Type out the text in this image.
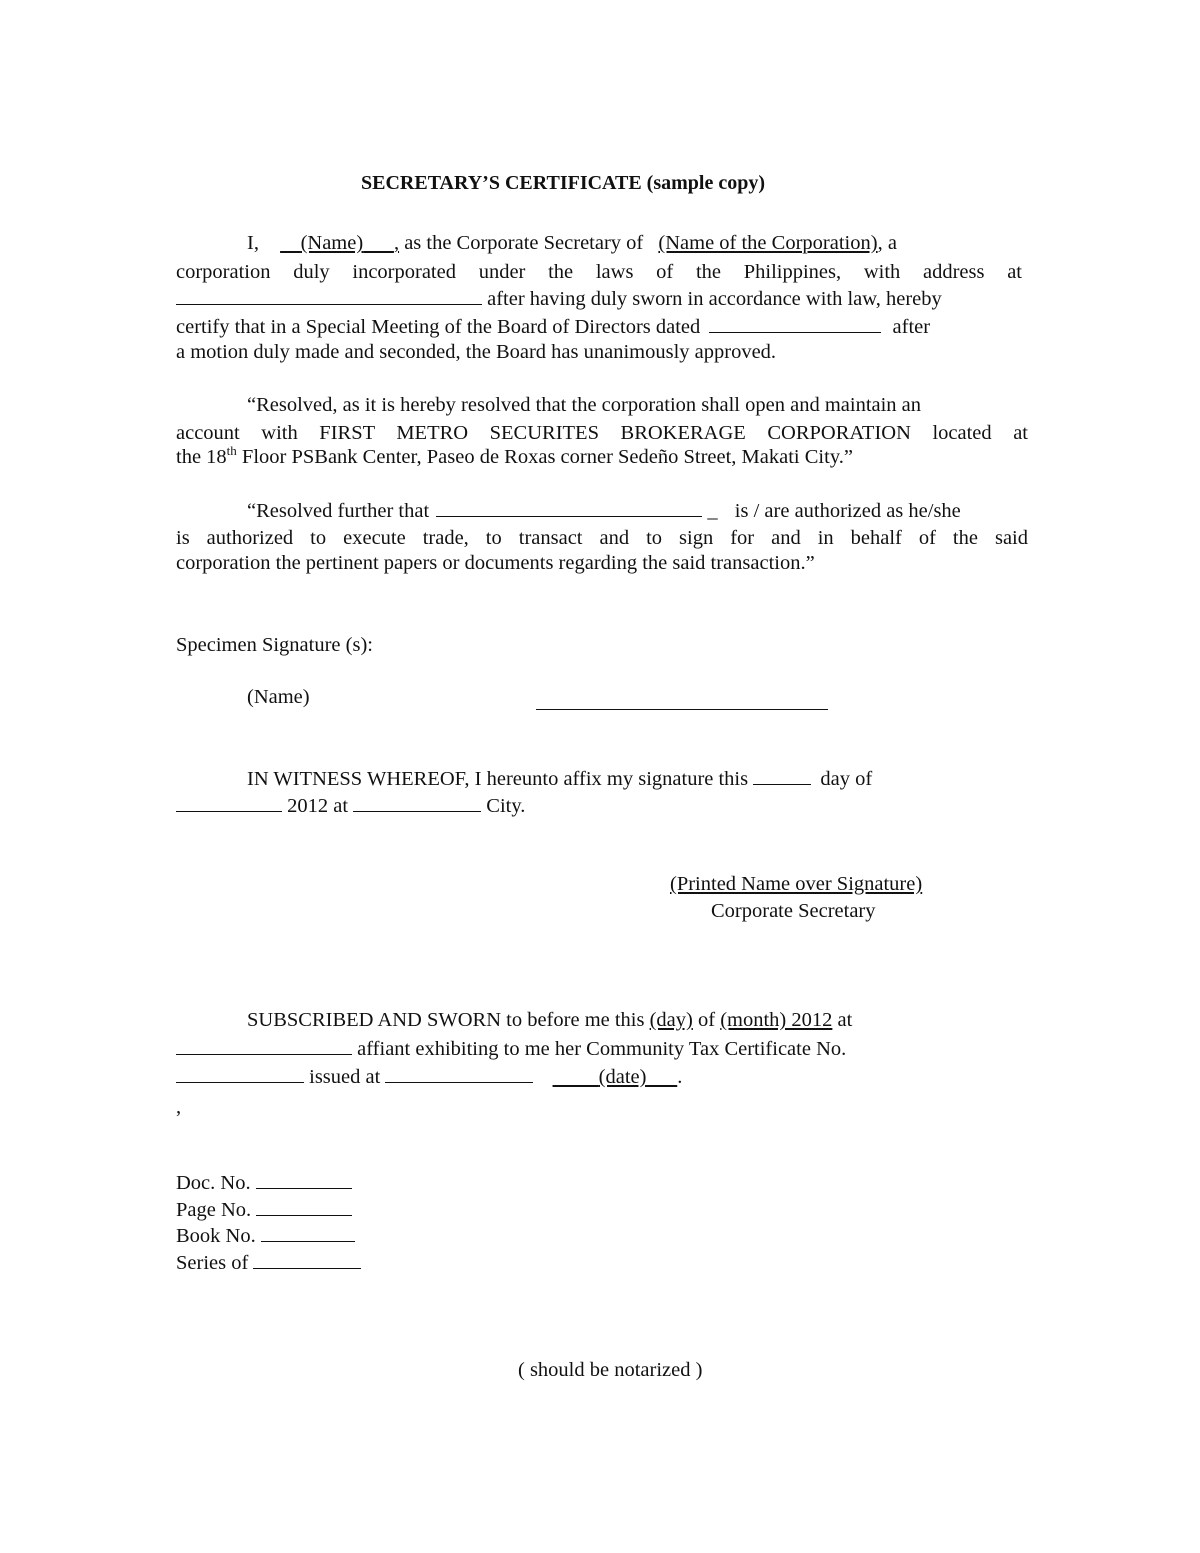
SECRETARY’S CERTIFICATE (sample copy)
I, (Name) , as the Corporate Secretary of (Name of the Corporation), a
corporation duly incorporated under the laws of the Philippines, with address at
after having duly sworn in accordance with law, hereby
certify that in a Special Meeting of the Board of Directors dated	after
a motion duly made and seconded, the Board has unanimously approved.
“Resolved, as it is hereby resolved that the corporation shall open and maintain an
account with FIRST METRO SECURITES BROKERAGE CORPORATION located at
the 18th Floor PSBank Center, Paseo de Roxas corner Sedeño Street, Makati City.”
“Resolved further that	_ is / are authorized as he/she
is authorized to execute trade, to transact and to sign for and in behalf of the said
corporation the pertinent papers or documents regarding the said transaction.”
Specimen Signature (s):
(Name)
IN WITNESS WHEREOF, I hereunto affix my signature this	day of
2012 at	City.
(Printed Name over Signature)
Corporate Secretary
SUBSCRIBED AND SWORN to before me this (day) of (month) 2012 at
affiant exhibiting to me her Community Tax Certificate No.
issued at	(date) .
,
Doc. No.
Page No.
Book No.
Series of
( should be notarized )
